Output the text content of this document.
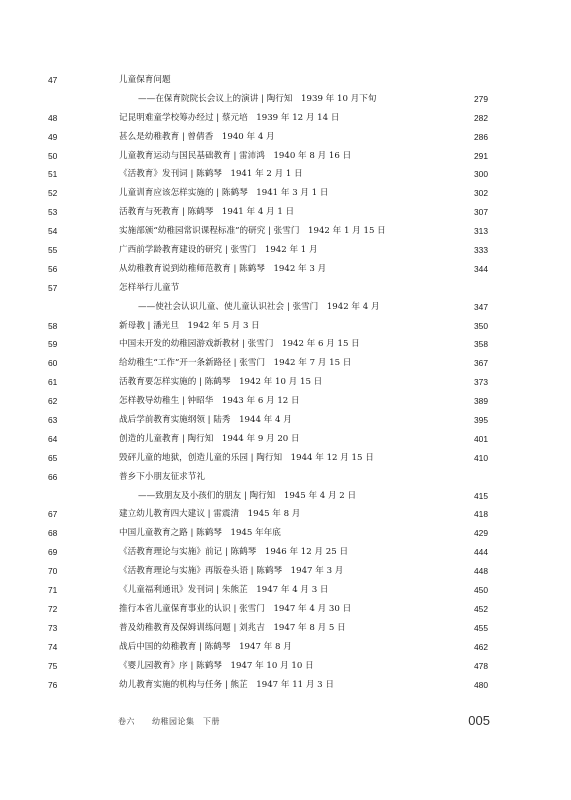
47	儿童保育问题
——在保育院院长会议上的演讲 | 陶行知　1939 年 10 月下旬	279
48	记昆明难童学校筹办经过 | 蔡元培　1939 年 12 月 14 日	282
49	甚么是幼稚教育 | 曾倩香　1940 年 4 月	286
50	儿童教育运动与国民基础教育 | 雷沛鸿　1940 年 8 月 16 日	291
51	《活教育》发刊词 | 陈鹤琴　1941 年 2 月 1 日	300
52	儿童训育应该怎样实施的 | 陈鹤琴　1941 年 3 月 1 日	302
53	活教育与死教育 | 陈鹤琴　1941 年 4 月 1 日	307
54	实施部颁“幼稚园常识课程标准”的研究 | 张雪门　1942 年 1 月 15 日	313
55	广西前学龄教育建设的研究 | 张雪门　1942 年 1 月	333
56	从幼稚教育说到幼稚师范教育 | 陈鹤琴　1942 年 3 月	344
57	怎样举行儿童节
——使社会认识儿童、使儿童认识社会 | 张雪门　1942 年 4 月	347
58	新母教 | 潘光旦　1942 年 5 月 3 日	350
59	中国未开发的幼稚园游戏新教材 | 张雪门　1942 年 6 月 15 日	358
60	给幼稚生“工作”开一条新路径 | 张雪门　1942 年 7 月 15 日	367
61	活教育要怎样实施的 | 陈鹤琴　1942 年 10 月 15 日	373
62	怎样教导幼稚生 | 钟昭华　1943 年 6 月 12 日	389
63	战后学前教育实施纲领 | 陆秀　1944 年 4 月	395
64	创造的儿童教育 | 陶行知　1944 年 9 月 20 日	401
65	毁砰儿童的地狱，创造儿童的乐园 | 陶行知　1944 年 12 月 15 日	410
66	普乡下小朋友征求节礼
——致朋友及小孩们的朋友 | 陶行知　1945 年 4 月 2 日	415
67	建立幼儿教育四大建议 | 雷震清　1945 年 8 月	418
68	中国儿童教育之路 | 陈鹤琴　1945 年年底	429
69	《活教育理论与实施》前记 | 陈鹤琴　1946 年 12 月 25 日	444
70	《活教育理论与实施》再版卷头语 | 陈鹤琴　1947 年 3 月	448
71	《儿童福利通讯》发刊词 | 朱熊芷　1947 年 4 月 3 日	450
72	推行本省儿童保育事业的认识 | 张雪门　1947 年 4 月 30 日	452
73	普及幼稚教育及保姆训练问题 | 刘兆吉　1947 年 8 月 5 日	455
74	战后中国的幼稚教育 | 陈鹤琴　1947 年 8 月	462
75	《婴儿园教育》序 | 陈鹤琴　1947 年 10 月 10 日	478
76	幼儿教育实施的机构与任务 | 熊芷　1947 年 11 月 3 日	480
卷六　　幼稚园论集　下册	005
